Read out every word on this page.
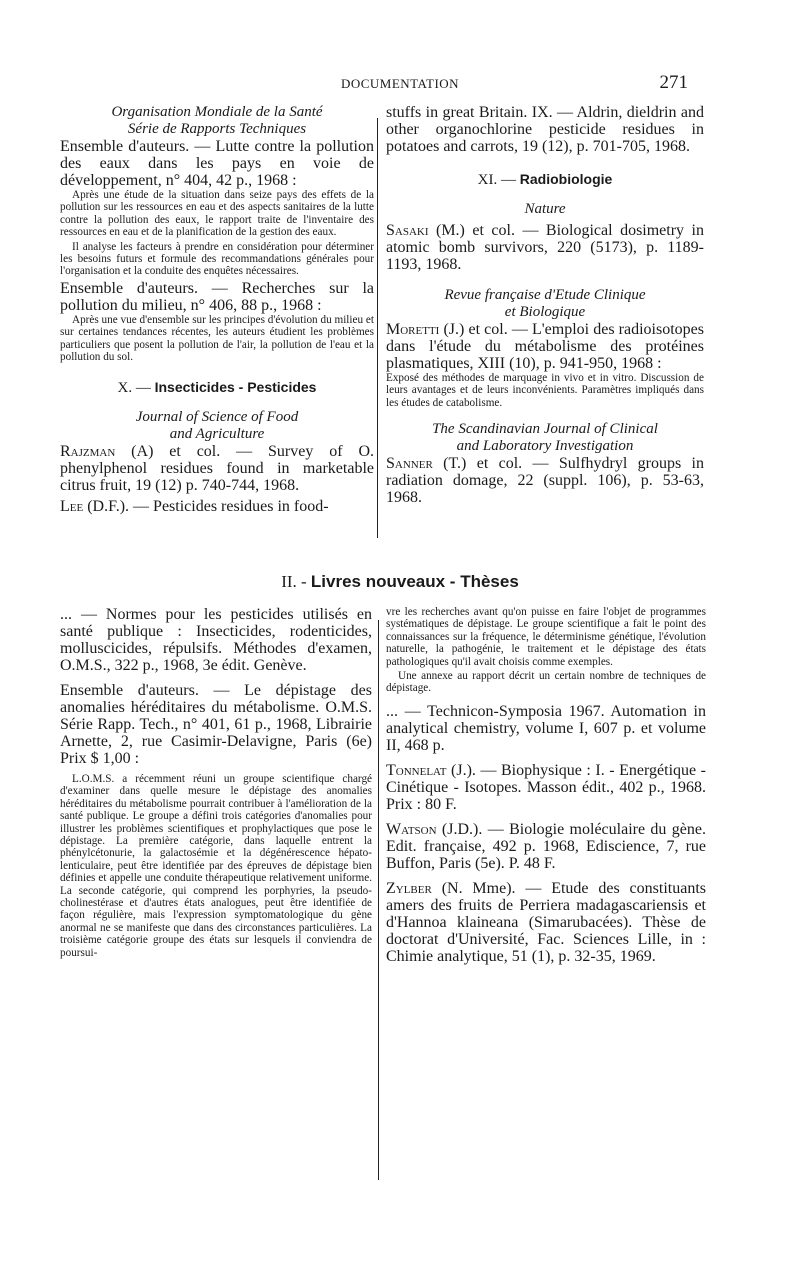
DOCUMENTATION	271
Organisation Mondiale de la Santé
Série de Rapports Techniques
Ensemble d'auteurs. — Lutte contre la pollution des eaux dans les pays en voie de développement, n° 404, 42 p., 1968 :
Après une étude de la situation dans seize pays des effets de la pollution sur les ressources en eau et des aspects sanitaires de la lutte contre la pollution des eaux, le rapport traite de l'inventaire des ressources en eau et de la planification de la gestion des eaux.
Il analyse les facteurs à prendre en considération pour déterminer les besoins futurs et formule des recommandations générales pour l'organisation et la conduite des enquêtes nécessaires.
Ensemble d'auteurs. — Recherches sur la pollution du milieu, n° 406, 88 p., 1968 :
Après une vue d'ensemble sur les principes d'évolution du milieu et sur certaines tendances récentes, les auteurs étudient les problèmes particuliers que posent la pollution de l'air, la pollution de l'eau et la pollution du sol.
X. — Insecticides - Pesticides
Journal of Science of Food
and Agriculture
Rajzman (A) et col. — Survey of O. phenylphenol residues found in marketable citrus fruit, 19 (12) p. 740-744, 1968.
Lee (D.F.). — Pesticides residues in food-
stuffs in great Britain. IX. — Aldrin, dieldrin and other organochlorine pesticide residues in potatoes and carrots, 19 (12), p. 701-705, 1968.
XI. — Radiobiologie
Nature
Sasaki (M.) et col. — Biological dosimetry in atomic bomb survivors, 220 (5173), p. 1189-1193, 1968.
Revue française d'Etude Clinique
et Biologique
Moretti (J.) et col. — L'emploi des radioisotopes dans l'étude du métabolisme des protéines plasmatiques, XIII (10), p. 941-950, 1968 :
Exposé des méthodes de marquage in vivo et in vitro. Discussion de leurs avantages et de leurs inconvénients. Paramètres impliqués dans les études de catabolisme.
The Scandinavian Journal of Clinical
and Laboratory Investigation
Sanner (T.) et col. — Sulfhydryl groups in radiation domage, 22 (suppl. 106), p. 53-63, 1968.
II. - Livres nouveaux - Thèses
... — Normes pour les pesticides utilisés en santé publique : Insecticides, rodenticides, molluscicides, répulsifs. Méthodes d'examen, O.M.S., 322 p., 1968, 3e édit. Genève.
Ensemble d'auteurs. — Le dépistage des anomalies héréditaires du métabolisme. O.M.S. Série Rapp. Tech., n° 401, 61 p., 1968, Librairie Arnette, 2, rue Casimir-Delavigne, Paris (6e) Prix $ 1,00 :
L.O.M.S. a récemment réuni un groupe scientifique chargé d'examiner dans quelle mesure le dépistage des anomalies héréditaires du métabolisme pourrait contribuer à l'amélioration de la santé publique. Le groupe a défini trois catégories d'anomalies pour illustrer les problèmes scientifiques et prophylactiques que pose le dépistage. La première catégorie, dans laquelle entrent la phénylcétonurie, la galactosémie et la dégénérescence hépato-lenticulaire, peut être identifiée par des épreuves de dépistage bien définies et appelle une conduite thérapeutique relativement uniforme. La seconde catégorie, qui comprend les porphyries, la pseudo-cholinestérase et d'autres états analogues, peut être identifiée de façon régulière, mais l'expression symptomatologique du gène anormal ne se manifeste que dans des circonstances particulières. La troisième catégorie groupe des états sur lesquels il conviendra de poursui-
vre les recherches avant qu'on puisse en faire l'objet de programmes systématiques de dépistage. Le groupe scientifique a fait le point des connaissances sur la fréquence, le déterminisme génétique, l'évolution naturelle, la pathogénie, le traitement et le dépistage des états pathologiques qu'il avait choisis comme exemples.
Une annexe au rapport décrit un certain nombre de techniques de dépistage.
... — Technicon-Symposia 1967. Automation in analytical chemistry, volume I, 607 p. et volume II, 468 p.
Tonnelat (J.). — Biophysique : I. - Energétique - Cinétique - Isotopes. Masson édit., 402 p., 1968. Prix : 80 F.
Watson (J.D.). — Biologie moléculaire du gène. Edit. française, 492 p. 1968, Ediscience, 7, rue Buffon, Paris (5e). P. 48 F.
Zylber (N. Mme). — Etude des constituants amers des fruits de Perriera madagascariensis et d'Hannoa klaineana (Simarubacées). Thèse de doctorat d'Université, Fac. Sciences Lille, in : Chimie analytique, 51 (1), p. 32-35, 1969.
